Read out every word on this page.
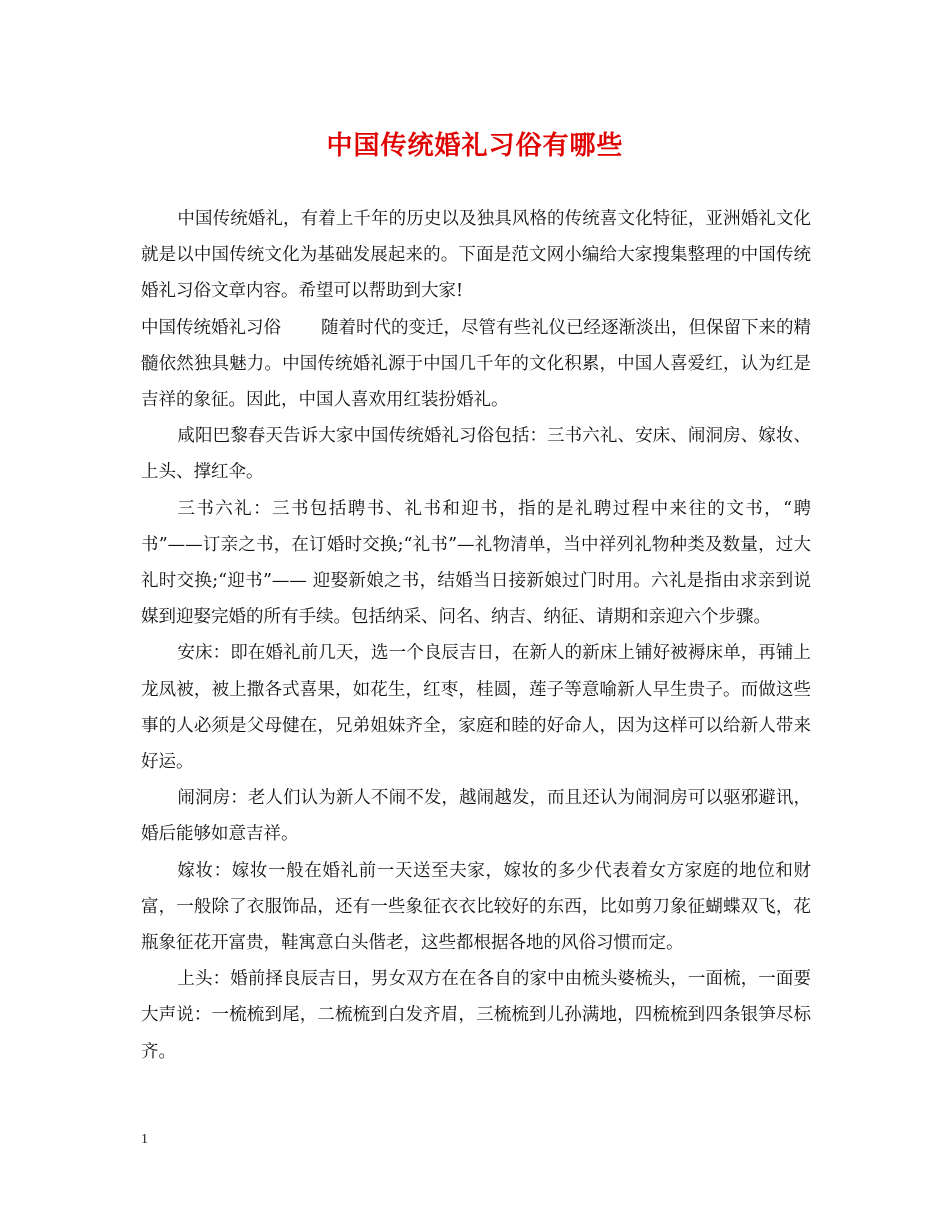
中国传统婚礼习俗有哪些

中国传统婚礼，有着上千年的历史以及独具风格的传统喜文化特征，亚洲婚礼文化就是以中国传统文化为基础发展起来的。下面是范文网小编给大家搜集整理的中国传统婚礼习俗文章内容。希望可以帮助到大家!

中国传统婚礼习俗 随着时代的变迁，尽管有些礼仪已经逐渐淡出，但保留下来的精髓依然独具魅力。中国传统婚礼源于中国几千年的文化积累，中国人喜爱红，认为红是吉祥的象征。因此，中国人喜欢用红装扮婚礼。

咸阳巴黎春天告诉大家中国传统婚礼习俗包括：三书六礼、安床、闹洞房、嫁妆、上头、撑红伞。

三书六礼：三书包括聘书、礼书和迎书，指的是礼聘过程中来往的文书，“聘书”——订亲之书，在订婚时交换;“礼书”—礼物清单，当中祥列礼物种类及数量，过大礼时交换;“迎书”—— 迎娶新娘之书，结婚当日接新娘过门时用。六礼是指由求亲到说媒到迎娶完婚的所有手续。包括纳采、问名、纳吉、纳征、请期和亲迎六个步骤。

安床：即在婚礼前几天，选一个良辰吉日，在新人的新床上铺好被褥床单，再铺上龙凤被，被上撒各式喜果，如花生，红枣，桂圆，莲子等意喻新人早生贵子。而做这些事的人必须是父母健在，兄弟姐妹齐全，家庭和睦的好命人，因为这样可以给新人带来好运。

闹洞房：老人们认为新人不闹不发，越闹越发，而且还认为闹洞房可以驱邪避讯，婚后能够如意吉祥。

嫁妆：嫁妆一般在婚礼前一天送至夫家，嫁妆的多少代表着女方家庭的地位和财富，一般除了衣服饰品，还有一些象征衣衣比较好的东西，比如剪刀象征蝴蝶双飞，花瓶象征花开富贵，鞋寓意白头偕老，这些都根据各地的风俗习惯而定。

上头：婚前择良辰吉日，男女双方在在各自的家中由梳头婆梳头，一面梳，一面要大声说：一梳梳到尾，二梳梳到白发齐眉，三梳梳到儿孙满地，四梳梳到四条银笋尽标齐。

1
